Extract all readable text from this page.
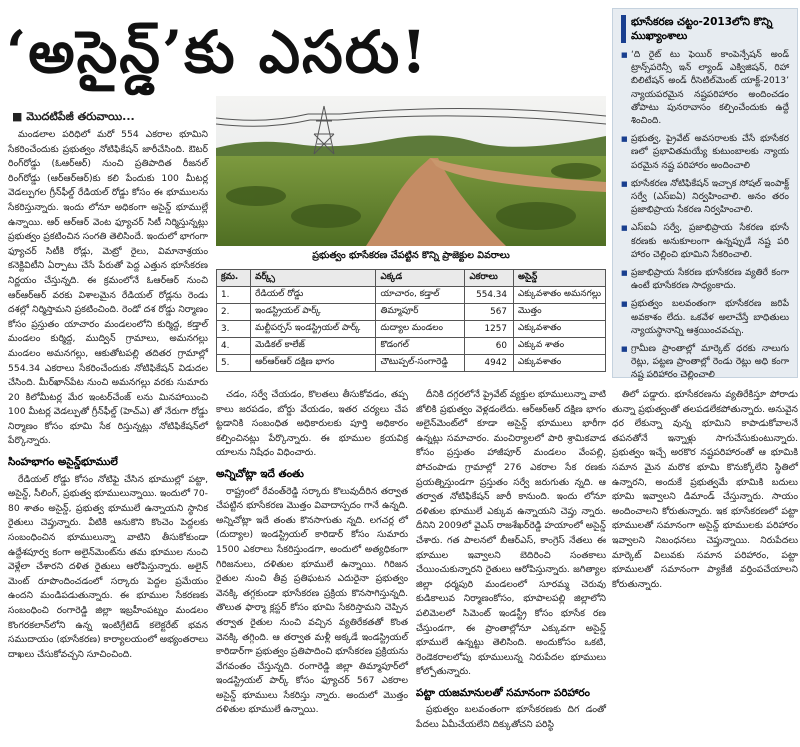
‘అసైన్డ్’కు ఎసరు!
■ మొదటిపేజీ తరువాయి...

మండలాల పరిధిలో మరో 554 ఎకరాల భూమిని సేకరించేందుకు ప్రభుత్వం నోటిఫికేషన్ జారీచేసింది. ఔటర్ రింగ్‌రోడ్డు (ఓఆర్ఆర్) నుంచి ప్రతిపాదిత రీజనల్ రింగ్‌రోడ్డు (ఆర్ఆర్ఆర్)కు కలి పేందుకు 100 మీటర్ల వెడల్పుగల గ్రీన్‌ఫీల్డ్ రేడియల్ రోడ్డు కోసం ఈ భూములను సేకరిస్తున్నారు. ఇందు లోనూ అధికంగా అసైన్డ్ భూముల్లే ఉన్నాయి. ఆర్ ఆర్ఆర్ వెంట ఫ్యూచర్ సిటీ నిర్మిస్తున్నట్లు ప్రభుత్వం ప్రకటించిన సంగతి తెలిసిందే. ఇందులో భాగంగా ఫ్యూచర్ సిటీకి రోడ్లు, మెట్రో రైలు, విమానాశ్రయం కనెక్టివిటీని ఏర్పాటు చేసే పేరుతో పెద్ద ఎత్తున భూసేకరణ నిర్ణయం చేస్తున్నది. ఈ క్రమంలోనే ఓఆర్ఆర్ నుంచి ఆర్ఆర్ఆర్ వరకు విశాలమైన రేడియల్ రోడ్లను రెండు దశల్లో నిర్మిస్తామని ప్రకటించింది. రెండో దశ రోడ్డు నిర్మాణం కోసం ప్రస్తుతం యాచారం మండలంలోని కుర్మిద్ద, కడ్తాల్ మండలం కుర్మిద్ద, ముద్విన్ గ్రామాలు, అమనగల్లు మండలం అమనగల్లు, ఆకుతోటపల్లి తదితర గ్రామాల్లో 554.34 ఎకరాలు సేకరించేందుకు నోటిఫికేషన్ విడుదల చేసింది. మీర్‌ఖాన్‌పేట నుంచి అమనగల్లు వరకు సుమారు 20 కిలోమీటర్ల మేర ఇంటర్‌చేంజ్ లను మినహాయించి 100 మీటర్ల వెడల్పుతో గ్రీన్‌ఫీల్డ్ (హెచ్‌ఎ) తో నేరుగా రోడ్డు నిర్మాణం కోసం భూమి సేక రిస్తున్నట్లు నోటిఫికేషన్‌లో పేర్కొన్నారు.

సింహభాగం అసైన్డ్‌భూములే

రేడియల్ రోడ్డు కోసం నోటిఫై చేసిన భూముల్లో పట్టా, అసైన్డ్, సీలింగ్, ప్రభుత్వ భూములున్నాయి. ఇందులో 70-80 శాతం అసైన్డ్, ప్రభుత్వ భూములే ఉన్నాయని స్థానిక రైతులు చెప్తున్నారు. వీటికి ఆనుకొని కొంచెం పెద్దలకు సంబంధించిన భూములున్నా వాటిని తీసుకోకుండా ఉద్దేశపూర్వ కంగా అలైన్‌మెంట్‌ను తమ భూముల నుంచి వెళ్లేలా చేశారని దళిత రైతులు ఆరోపిస్తున్నారు. అలైన్ మెంట్ రూపొందించడంలో సర్కారు పెద్దల ప్రమేయం ఉందని మండిపడుతున్నారు. ఈ భూముల సేకరణకు సంబంధించి రంగారెడ్డి జిల్లా ఇబ్రహీంపట్నం మండలం కొంగరకలాన్‌లోని ఉన్న ఇంటిగ్రేటెడ్ కలెక్టరేట్ భవన సముదాయం (భూసేకరణ) కార్యాలయంలో అభ్యంతరాలు దాఖలు చేసుకోవచ్చని సూచించింది.

ప్రభుత్వం భూసేకరణ చేపట్టిన కొన్ని ప్రాజెక్టుల వివరాలు
క్రమ.	వర్క్స్	ఎక్కడ	ఎకరాలు	అసైన్డ్
1.	రేడియల్ రోడ్డు	యాచారం, కడ్తాల్	554.34	ఎక్కువశాతం అమనగల్లు
2.	ఇండస్ట్రియల్ పార్క్	తిమ్మాపూర్	567	మొత్తం
3.	మల్టీపర్పస్ ఇండస్ట్రియల్ పార్క్	దుద్యాల మండలం	1257	ఎక్కువశాతం
4.	మెడికల్ కాలేజ్	కొడంగల్	60	ఎక్కువ శాతం
5.	ఆర్ఆర్ఆర్ దక్షిణ భాగం	చౌటుప్పల్-సంగారెడ్డి	4942	ఎక్కువశాతం

చడం, సర్వే చేయడం, కొలతలు తీసుకోవడం, తప్ప కాలు జరపడం, బోర్డు వేయడం, ఇతర చర్యలు చేప ట్టడానికి సంబంధిత అధికారులకు పూర్తి అధికారం కల్పించినట్లు పేర్కొన్నారు. ఈ భూముల క్రయవిక్ర యాలను నిషేధం విధించారు.

అన్నిచోట్లా ఇదే తంతు

రాష్ట్రంలో రేవంత్‌రెడ్డి సర్కారు కొలువుదీరిన తర్వాత చేపట్టిన భూసేకరణ మొత్తం వివాదాస్పదం గానే ఉన్నది. అన్నిచోట్లా ఇదే తంతు కొనసాగుతు న్నది. లగచర్ల లో (దుద్యాల) ఇండస్ట్రియల్ కారిడార్ కోసం సుమారు 1500 ఎకరాలు సేకరిస్తుండగా, అందులో అత్యధికంగా గిరిజనులు, దళితుల భూములే ఉన్నాయి. గిరిజన రైతుల నుంచి తీవ్ర ప్రతిఘటన ఎదురైనా ప్రభుత్వం వెనక్కి తగ్గకుండా భూసేకరణ ప్రక్రియ కొనసాగిస్తున్నది. తొలుత ఫార్మా క్లస్టర్ కోసం భూమి సేకరిస్తామని చెప్పిన తర్వాత రైతుల నుంచి వచ్చిన వ్యతిరేకతతో కొంత వెనక్కి తగ్గింది. ఆ తర్వాత మళ్లీ అక్కడే ఇండస్ట్రియల్ కారిడార్‌గా ప్రభుత్వం ప్రతిపాదించి భూసేకరణ ప్రక్రియను వేగవంతం చేస్తున్నది. రంగారెడ్డి జిల్లా తిమ్మాపూర్‌లో ఇండస్ట్రియల్ పార్క్ కోసం ఫ్యూచర్ 567 ఎకరాల అసైన్డ్ భూములు సేకరిస్తు న్నారు. అందులో మొత్తం దళితుల భూములే ఉన్నాయి.

దీనికి దగ్గరలోనే ప్రైవేట్ వ్యక్తుల భూములున్నా వాటి జోలికి ప్రభుత్వం వెళ్లడంలేదు. ఆర్ఆర్ఆర్ దక్షిణ భాగం అలైన్‌మెంట్‌లో కూడా అసైన్డ్ భూములు భారీగా ఉన్నట్లు సమాచారం. మంచిర్యాలలో పారి శ్రామికవాడ కోసం ప్రస్తుతం హాజీపూర్ మండలం వేంపల్లి, పోచంపాడు గ్రామాల్లో 276 ఎకరాల సేక రణకు ప్రయత్నిస్తుండగా ప్రస్తుతం సర్వే జరుగుతు న్నది. ఆ తర్వాత నోటిఫికేషన్ జారీ కానుంది. ఇందు లోనూ దళితుల భూములే ఎక్కువ ఉన్నాయని చెప్తు న్నారు. దీనిని 2009లో వైఎస్ రాజశేఖర్‌రెడ్డి హయాంలో అసైన్డ్ చేశారు. గత పాలనలో బీఆర్ఎస్, కాంగ్రెస్ నేతలు ఈ భూముల ఇవ్వాలని బెదిరించి సంతకాలు చేయించుకున్నారని రైతులు ఆరోపిస్తున్నారు. జగిత్యాల జిల్లా ధర్మపురి మండలంలో సూరమ్మ చెరువు కుడికాలువ నిర్మాణంకోసం, భూపాలపల్లి జిల్లాలోని పలిమెలలో సిమెంట్ ఇండస్ట్రీ కోసం భూసేక రణ చేస్తుండగా, ఈ ప్రాంతాల్లోనూ ఎక్కువగా అసైన్డ్ భూములే ఉన్నట్టు తెలిసింది. అందుకోసం ఒకటి, రెండెకరాలలోపు భూములున్న నిరుపేదల భూములు కోల్పోతున్నారు.

పట్టా యజమానులతో సమానంగా పరిహారం

ప్రభుత్వం బలవంతంగా భూసేకరణకు దిగ డంతో పేదలు ఏమీచేయలేని దిక్కుతోచని పరిస్థి

తిలో పడ్డారు. భూసేకరణను వ్యతిరేకిస్తూ పోరాడు తున్నా ప్రభుత్వంతో తలపడలేకపోతున్నారు. అనువైన ధర లేకున్నా వున్న భూమిని కాపాడుకోవాలనే తపనతోనే ఇన్నాళ్లు సాగుచేసుకుంటున్నారు. ప్రభుత్వం ఇచ్చే అరకొర నష్టపరిహారంతో ఆ భూమికి సమాన మైన మరొక భూమి కొనుక్కోలేని స్థితిలో ఉన్నారని, అందుకే ప్రభుత్వమే భూమికి బదులు భూమి ఇవ్వాలని డిమాండ్ చేస్తున్నారు. సాయం అందించాలని కోరుతున్నారు. ఇక భూసేకరణలో పట్టా భూములతో సమానంగా అసైన్డ్ భూములకు పరిహారం ఇవ్వాలని నిబంధనలు చెప్తున్నాయి. నిరుపేదలు మార్కెట్ విలువకు సమాన పరిహారం, పట్టా భూములతో సమానంగా ప్యాకేజీ వర్తింపచేయాలని కోరుతున్నారు.

భూసేకరణ చట్టం-2013లోని కొన్ని ముఖ్యాంశాలు
■ ‘ది రైట్ టు ఫెయిర్ కాంపెన్సేషన్ అండ్ ట్రాన్స్‌పరెన్సీ ఇన్ ల్యాండ్ ఎక్విజిషన్, రిహా బిలిటేషన్ అండ్ రీసెటిల్‌మెంట్ యాక్ట్-2013’ న్యాయపరమైన నష్టపరిహారం అందించడం తోపాటు పునరావాసం కల్పించేందుకు ఉద్దే శించింది.
■ ప్రభుత్వ, ప్రైవేట్ అవసరాలకు చేసే భూసేకర ణలో ప్రభావితమయ్యే కుటుంబాలకు న్యాయ పరమైన నష్ట పరిహారం అందించాలి
■ భూసేకరణ నోటిఫికేషన్ ఇచ్చాక సోషల్ ఇంపాక్ట్ సర్వే (ఎస్ఐఏ) నిర్వహించాలి. అనం తరం ప్రజాభిప్రాయ సేకరణ నిర్వహించాలి.
■ ఎస్ఐఏ సర్వే, ప్రజాభిప్రాయ సేకరణ భూసే కరణకు అనుకూలంగా ఉన్నప్పుడే నష్ట పరి హారం చెల్లించి భూమిని సేకరించాలి.
■ ప్రజాభిప్రాయ సేకరణ భూసేకరణ వ్యతిరే కంగా ఉంటే భూసేకరణ సాధ్యంకాదు.
■ ప్రభుత్వం బలవంతంగా భూసేకరణ జరిపే అవకాశం లేదు. ఒకవేళ అలాచేస్తే బాధితులు న్యాయస్థానాన్ని ఆశ్రయించవచ్చు.
■ గ్రామీణ ప్రాంతాల్లో మార్కెట్ ధరకు నాలుగు రెట్లు, పట్టణ ప్రాంతాల్లో రెండు రెట్లు అధి కంగా నష్ట పరిహారం చెల్లించాలి
